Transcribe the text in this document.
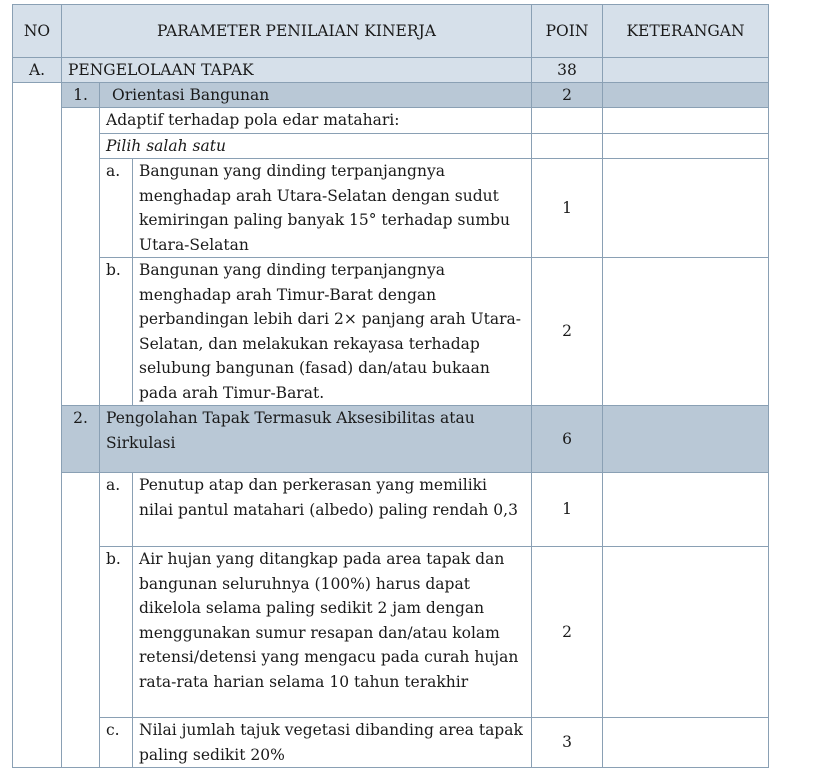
NO	PARAMETER PENILAIAN KINERJA			POIN	KETERANGAN
A.	PENGELOLAAN TAPAK			38	
	1.	Orientasi Bangunan		2	
		Adaptif terhadap pola edar matahari:			
		Pilih salah satu			
		a.	Bangunan yang dinding terpanjangnya menghadap arah Utara-Selatan dengan sudut kemiringan paling banyak 15° terhadap sumbu Utara-Selatan	1	
		b.	Bangunan yang dinding terpanjangnya menghadap arah Timur-Barat dengan perbandingan lebih dari 2× panjang arah Utara-Selatan, dan melakukan rekayasa terhadap selubung bangunan (fasad) dan/atau bukaan pada arah Timur-Barat.	2	
	2.	Pengolahan Tapak Termasuk Aksesibilitas atau Sirkulasi		6	
		a.	Penutup atap dan perkerasan yang memiliki nilai pantul matahari (albedo) paling rendah 0,3	1	
		b.	Air hujan yang ditangkap pada area tapak dan bangunan seluruhnya (100%) harus dapat dikelola selama paling sedikit 2 jam dengan menggunakan sumur resapan dan/atau kolam retensi/detensi yang mengacu pada curah hujan rata-rata harian selama 10 tahun terakhir	2	
		c.	Nilai jumlah tajuk vegetasi dibanding area tapak paling sedikit 20%	3	
